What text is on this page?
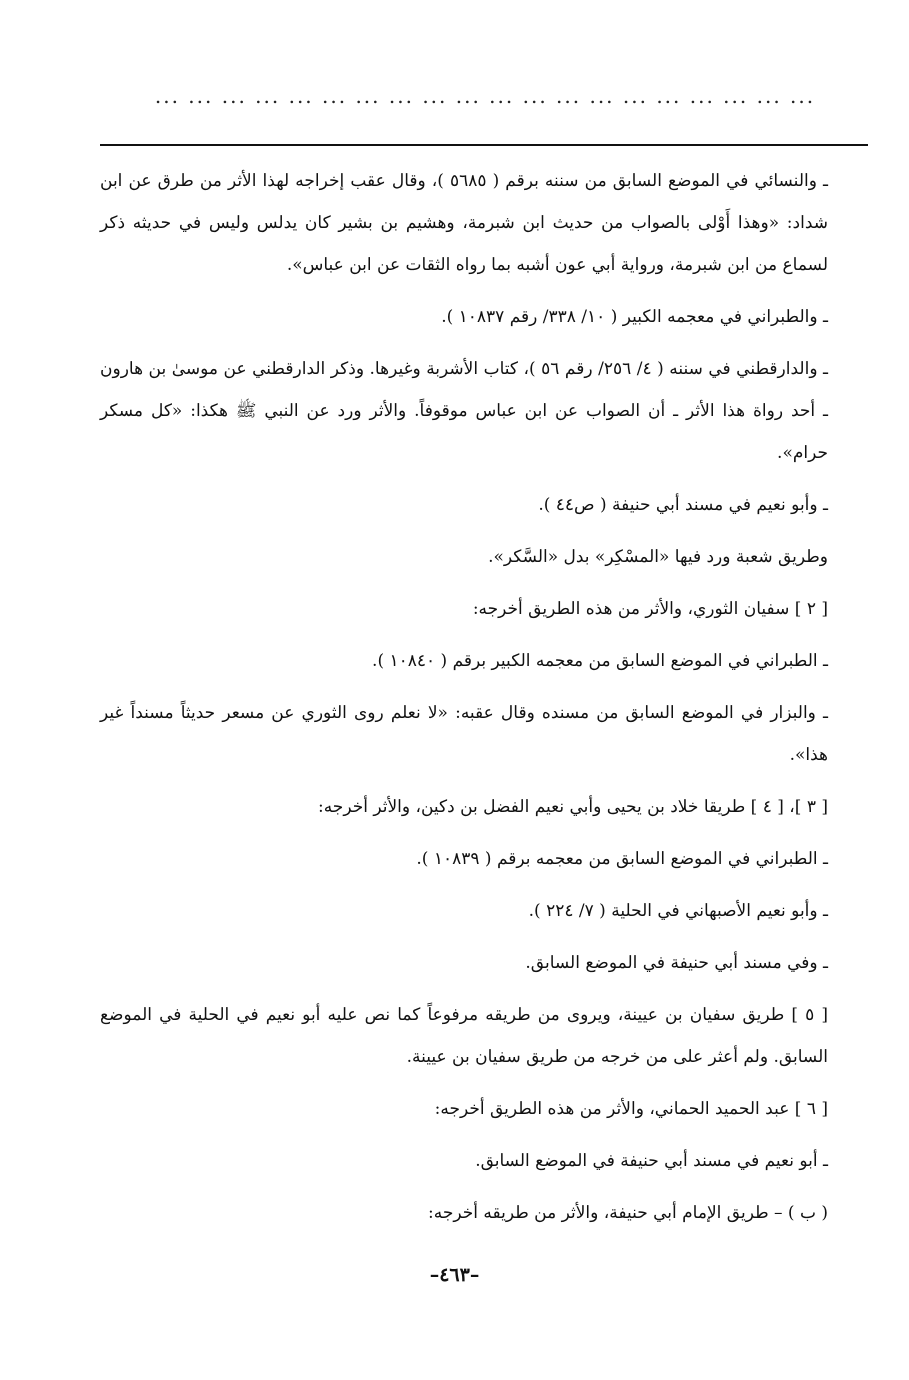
... ... ... ... ... ... ... ... ... ... ... ... ... ... ... ... ... ... ... ...

ـ والنسائي في الموضع السابق من سننه برقم ( ٥٦٨٥ )، وقال عقب إخراجه لهذا الأثر من طرق عن ابن شداد: «وهذا أَوْلى بالصواب من حديث ابن شبرمة، وهشيم بن بشير كان يدلس وليس في حديثه ذكر لسماع من ابن شبرمة، ورواية أبي عون أشبه بما رواه الثقات عن ابن عباس».

ـ والطبراني في معجمه الكبير ( ١٠/ ٣٣٨/ رقم ١٠٨٣٧ ).

ـ والدارقطني في سننه ( ٤/ ٢٥٦/ رقم ٥٦ )، كتاب الأشربة وغيرها. وذكر الدارقطني عن موسىٰ بن هارون ـ أحد رواة هذا الأثر ـ أن الصواب عن ابن عباس موقوفاً. والأثر ورد عن النبي ﷺ هكذا: «كل مسكر حرام».

ـ وأبو نعيم في مسند أبي حنيفة ( ص٤٤ ).

وطريق شعبة ورد فيها «المسْكِر» بدل «السَّكر».

[ ٢ ] سفيان الثوري، والأثر من هذه الطريق أخرجه:

ـ الطبراني في الموضع السابق من معجمه الكبير برقم ( ١٠٨٤٠ ).

ـ والبزار في الموضع السابق من مسنده وقال عقبه: «لا نعلم روى الثوري عن مسعر حديثاً مسنداً غير هذا».

[ ٣ ]، [ ٤ ] طريقا خلاد بن يحيى وأبي نعيم الفضل بن دكين، والأثر أخرجه:

ـ الطبراني في الموضع السابق من معجمه برقم ( ١٠٨٣٩ ).

ـ وأبو نعيم الأصبهاني في الحلية ( ٧/ ٢٢٤ ).

ـ وفي مسند أبي حنيفة في الموضع السابق.

[ ٥ ] طريق سفيان بن عيينة، ويروى من طريقه مرفوعاً كما نص عليه أبو نعيم في الحلية في الموضع السابق. ولم أعثر على من خرجه من طريق سفيان بن عيينة.

[ ٦ ] عبد الحميد الحماني، والأثر من هذه الطريق أخرجه:

ـ أبو نعيم في مسند أبي حنيفة في الموضع السابق.

( ب ) – طريق الإمام أبي حنيفة، والأثر من طريقه أخرجه:

–٤٦٣–
